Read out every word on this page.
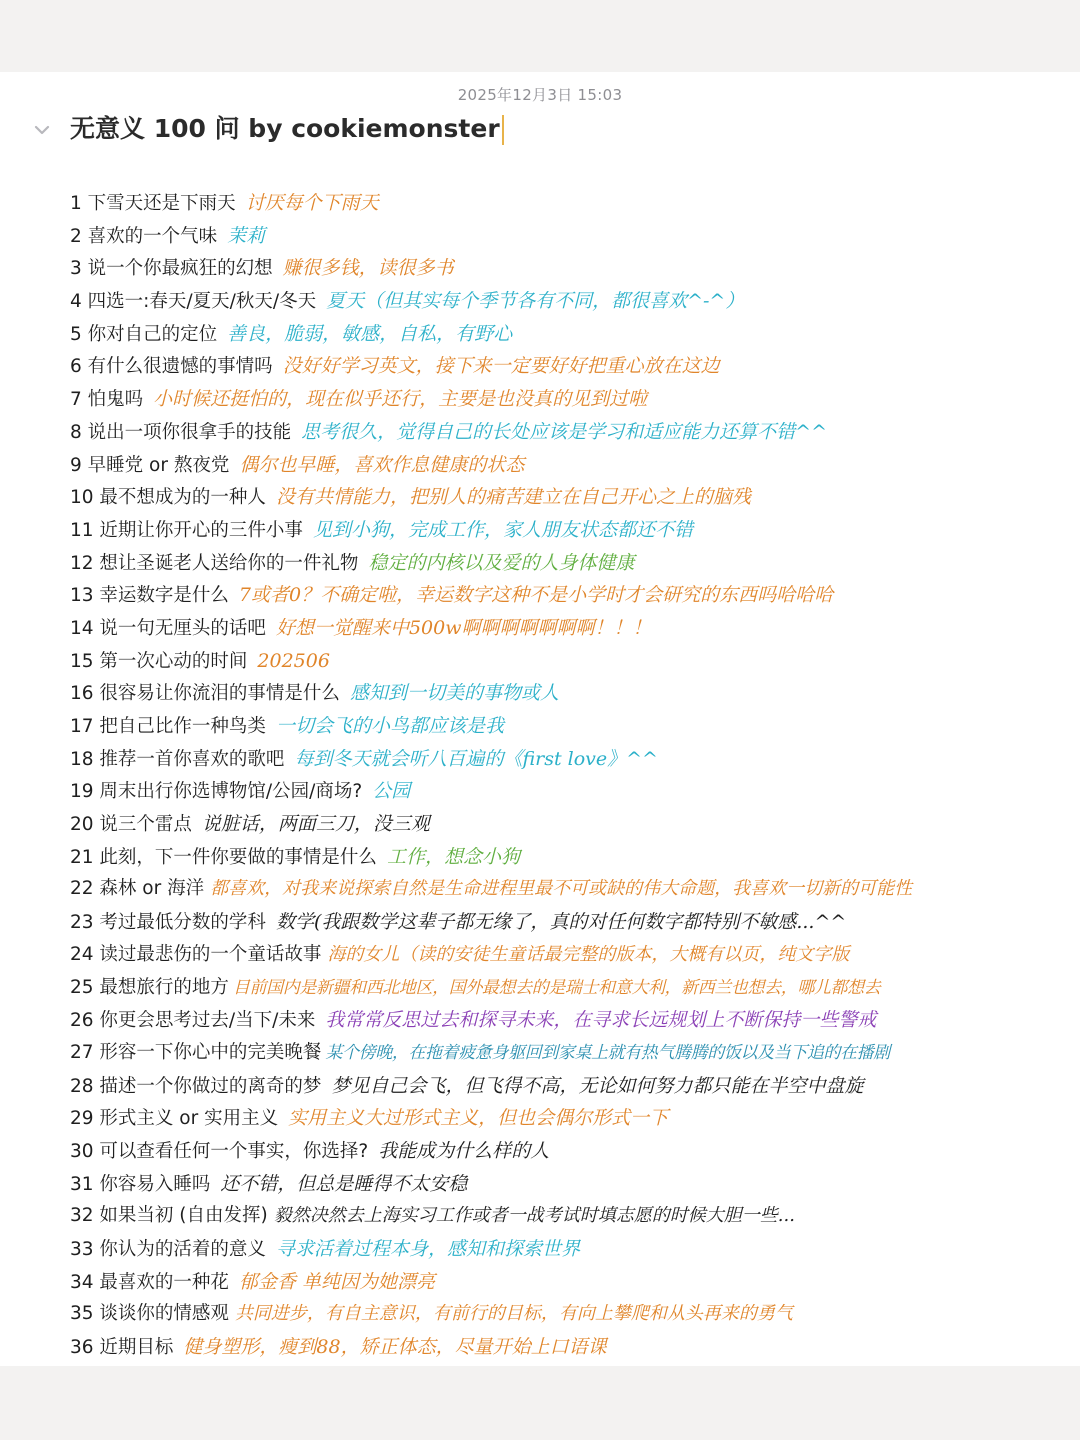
2025年12月3日 15:03
无意义 100 问 by cookiemonster
1 下雪天还是下雨天 讨厌每个下雨天
2 喜欢的一个气味 茉莉
3 说一个你最疯狂的幻想 赚很多钱，读很多书
4 四选一:春天/夏天/秋天/冬天 夏天（但其实每个季节各有不同，都很喜欢^-^）
5 你对自己的定位 善良，脆弱，敏感，自私，有野心
6 有什么很遗憾的事情吗 没好好学习英文，接下来一定要好好把重心放在这边
7 怕鬼吗 小时候还挺怕的，现在似乎还行，主要是也没真的见到过啦
8 说出一项你很拿手的技能 思考很久，觉得自己的长处应该是学习和适应能力还算不错^^
9 早睡党 or 熬夜党 偶尔也早睡，喜欢作息健康的状态
10 最不想成为的一种人 没有共情能力，把别人的痛苦建立在自己开心之上的脑残
11 近期让你开心的三件小事 见到小狗，完成工作，家人朋友状态都还不错
12 想让圣诞老人送给你的一件礼物 稳定的内核以及爱的人身体健康
13 幸运数字是什么 7或者0？不确定啦，幸运数字这种不是小学时才会研究的东西吗哈哈哈
14 说一句无厘头的话吧 好想一觉醒来中500w啊啊啊啊啊啊啊！！！
15 第一次心动的时间 202506
16 很容易让你流泪的事情是什么 感知到一切美的事物或人
17 把自己比作一种鸟类 一切会飞的小鸟都应该是我
18 推荐一首你喜欢的歌吧 每到冬天就会听八百遍的《first love》^^
19 周末出行你选博物馆/公园/商场? 公园
20 说三个雷点 说脏话，两面三刀，没三观
21 此刻，下一件你要做的事情是什么 工作，想念小狗
22 森林 or 海洋 都喜欢，对我来说探索自然是生命进程里最不可或缺的伟大命题，我喜欢一切新的可能性
23 考过最低分数的学科 数学(我跟数学这辈子都无缘了，真的对任何数字都特别不敏感...^^
24 读过最悲伤的一个童话故事 海的女儿（读的安徒生童话最完整的版本，大概有以页，纯文字版
25 最想旅行的地方 目前国内是新疆和西北地区，国外最想去的是瑞士和意大利，新西兰也想去，哪儿都想去
26 你更会思考过去/当下/未来 我常常反思过去和探寻未来，在寻求长远规划上不断保持一些警戒
27 形容一下你心中的完美晚餐 某个傍晚，在拖着疲惫身躯回到家桌上就有热气腾腾的饭以及当下追的在播剧
28 描述一个你做过的离奇的梦 梦见自己会飞，但飞得不高，无论如何努力都只能在半空中盘旋
29 形式主义 or 实用主义 实用主义大过形式主义，但也会偶尔形式一下
30 可以查看任何一个事实，你选择? 我能成为什么样的人
31 你容易入睡吗 还不错，但总是睡得不太安稳
32 如果当初 (自由发挥) 毅然决然去上海实习工作或者一战考试时填志愿的时候大胆一些...
33 你认为的活着的意义 寻求活着过程本身，感知和探索世界
34 最喜欢的一种花 郁金香 单纯因为她漂亮
35 谈谈你的情感观 共同进步，有自主意识，有前行的目标，有向上攀爬和从头再来的勇气
36 近期目标 健身塑形，瘦到88，矫正体态，尽量开始上口语课
